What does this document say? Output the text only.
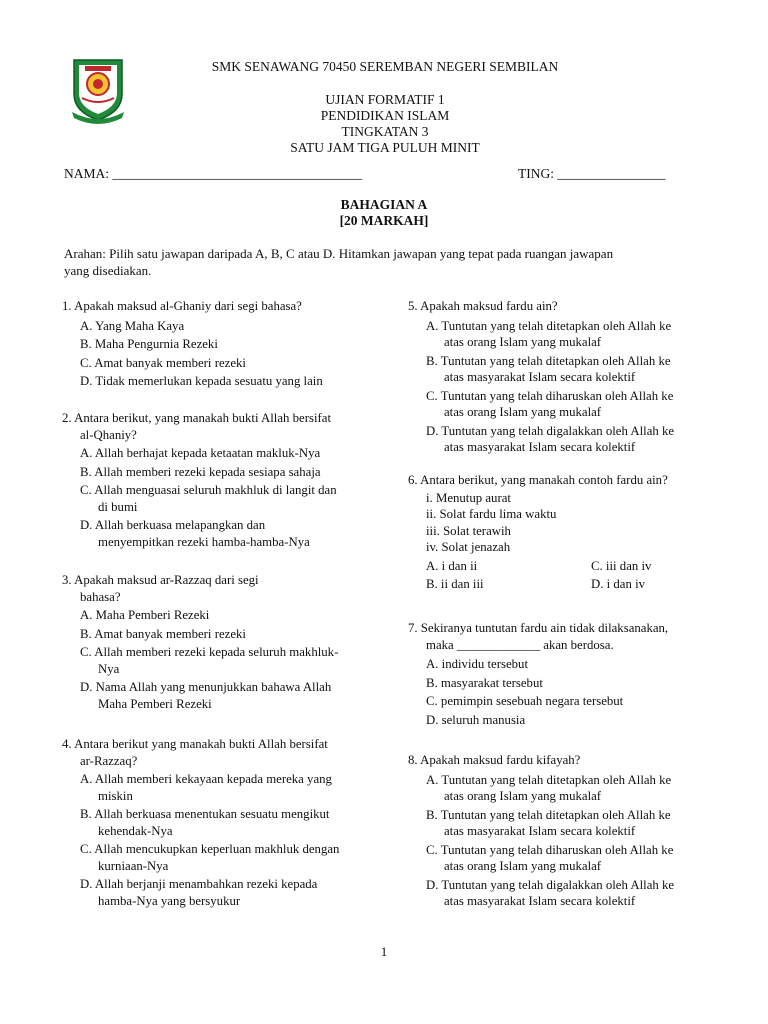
SMK SENAWANG 70450 SEREMBAN NEGERI SEMBILAN
UJIAN FORMATIF 1
PENDIDIKAN ISLAM
TINGKATAN 3
SATU JAM TIGA PULUH MINIT
NAMA: _____________________________________	TING: ________________
BAHAGIAN A
[20 MARKAH]
Arahan: Pilih satu jawapan daripada A, B, C atau D. Hitamkan jawapan yang tepat pada ruangan jawapan
yang disediakan.
1. Apakah maksud al-Ghaniy dari segi bahasa?
A. Yang Maha Kaya
B. Maha Pengurnia Rezeki
C. Amat banyak memberi rezeki
D. Tidak memerlukan kepada sesuatu yang lain
2. Antara berikut, yang manakah bukti Allah bersifat
al-Qhaniy?
A. Allah berhajat kepada ketaatan makluk-Nya
B. Allah memberi rezeki kepada sesiapa sahaja
C. Allah menguasai seluruh makhluk di langit dan
di bumi
D. Allah berkuasa melapangkan dan
menyempitkan rezeki hamba-hamba-Nya
3. Apakah maksud ar-Razzaq dari segi
bahasa?
A. Maha Pemberi Rezeki
B. Amat banyak memberi rezeki
C. Allah memberi rezeki kepada seluruh makhluk-
Nya
D. Nama Allah yang menunjukkan bahawa Allah
Maha Pemberi Rezeki
4. Antara berikut yang manakah bukti Allah bersifat
ar-Razzaq?
A. Allah memberi kekayaan kepada mereka yang
miskin
B. Allah berkuasa menentukan sesuatu mengikut
kehendak-Nya
C. Allah mencukupkan keperluan makhluk dengan
kurniaan-Nya
D. Allah berjanji menambahkan rezeki kepada
hamba-Nya yang bersyukur
5. Apakah maksud fardu ain?
A. Tuntutan yang telah ditetapkan oleh Allah ke
atas orang Islam yang mukalaf
B. Tuntutan yang telah ditetapkan oleh Allah ke
atas masyarakat Islam secara kolektif
C. Tuntutan yang telah diharuskan oleh Allah ke
atas orang Islam yang mukalaf
D. Tuntutan yang telah digalakkan oleh Allah ke
atas masyarakat Islam secara kolektif
6. Antara berikut, yang manakah contoh fardu ain?
i. Menutup aurat
ii. Solat fardu lima waktu
iii. Solat terawih
iv. Solat jenazah
A. i dan ii	C. iii dan iv
B. ii dan iii	D. i dan iv
7. Sekiranya tuntutan fardu ain tidak dilaksanakan,
maka _____________ akan berdosa.
A. individu tersebut
B. masyarakat tersebut
C. pemimpin sesebuah negara tersebut
D. seluruh manusia
8. Apakah maksud fardu kifayah?
A. Tuntutan yang telah ditetapkan oleh Allah ke
atas orang Islam yang mukalaf
B. Tuntutan yang telah ditetapkan oleh Allah ke
atas masyarakat Islam secara kolektif
C. Tuntutan yang telah diharuskan oleh Allah ke
atas orang Islam yang mukalaf
D. Tuntutan yang telah digalakkan oleh Allah ke
atas masyarakat Islam secara kolektif
1
